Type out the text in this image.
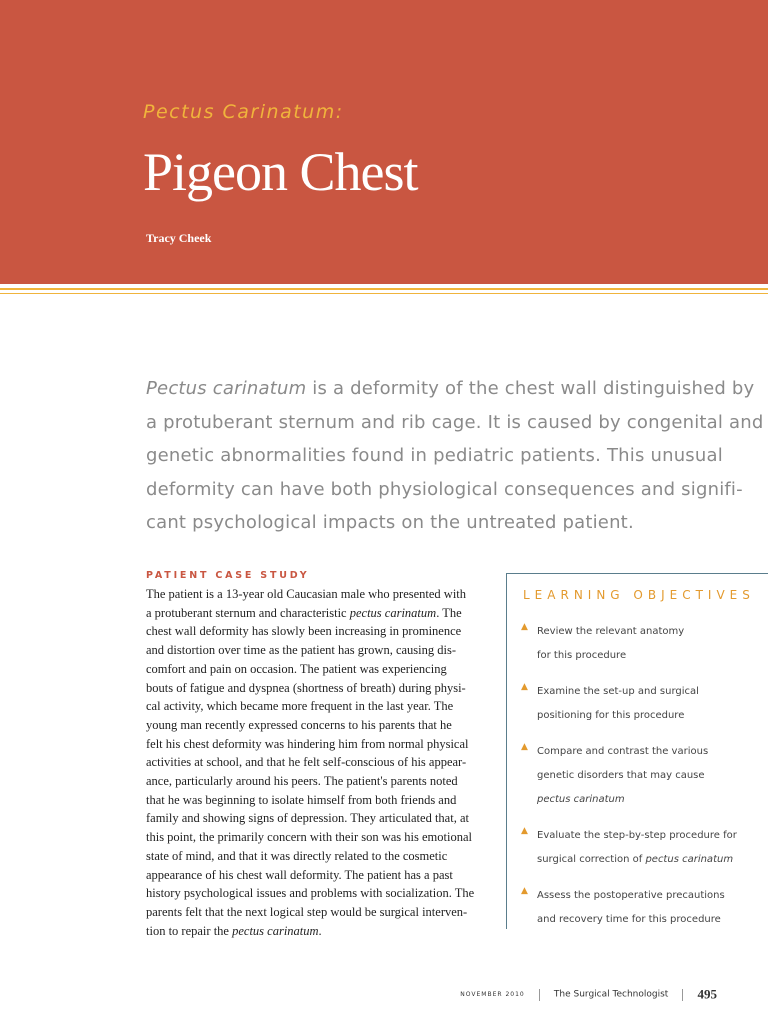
Pectus Carinatum:
Pigeon Chest
Tracy Cheek

Pectus carinatum is a deformity of the chest wall distinguished by
a protuberant sternum and rib cage. It is caused by congenital and
genetic abnormalities found in pediatric patients. This unusual
deformity can have both physiological consequences and signifi-
cant psychological impacts on the untreated patient.

PATIENT CASE STUDY

The patient is a 13-year old Caucasian male who presented with
a protuberant sternum and characteristic pectus carinatum. The
chest wall deformity has slowly been increasing in prominence
and distortion over time as the patient has grown, causing dis-
comfort and pain on occasion. The patient was experiencing
bouts of fatigue and dyspnea (shortness of breath) during physi-
cal activity, which became more frequent in the last year. The
young man recently expressed concerns to his parents that he
felt his chest deformity was hindering him from normal physical
activities at school, and that he felt self-conscious of his appear-
ance, particularly around his peers. The patient's parents noted
that he was beginning to isolate himself from both friends and
family and showing signs of depression. They articulated that, at
this point, the primarily concern with their son was his emotional
state of mind, and that it was directly related to the cosmetic
appearance of his chest wall deformity. The patient has a past
history psychological issues and problems with socialization. The
parents felt that the next logical step would be surgical interven-
tion to repair the pectus carinatum.

LEARNING OBJECTIVES
▲ Review the relevant anatomy
for this procedure
▲ Examine the set-up and surgical
positioning for this procedure
▲ Compare and contrast the various
genetic disorders that may cause
pectus carinatum
▲ Evaluate the step-by-step procedure for
surgical correction of pectus carinatum
▲ Assess the postoperative precautions
and recovery time for this procedure
NOVEMBER 2010	The Surgical Technologist 495
